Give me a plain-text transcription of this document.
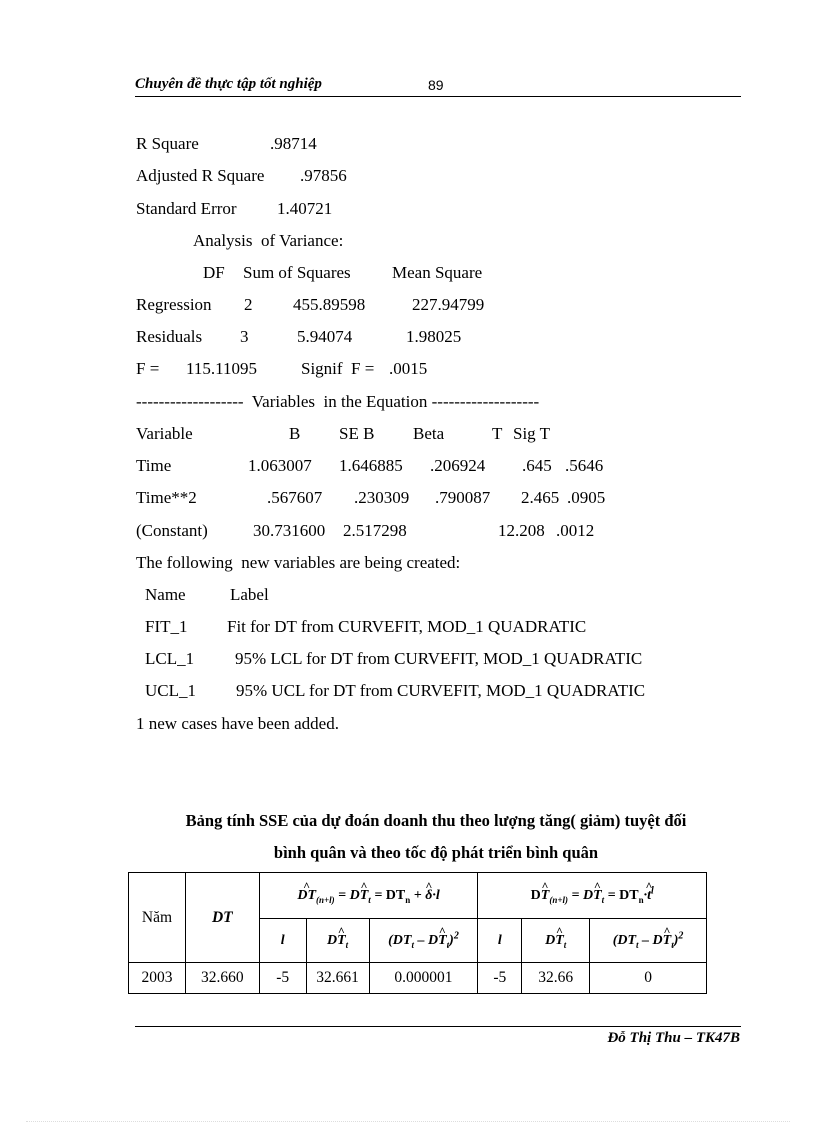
Chuyên đề thực tập tốt nghiệp	89
R Square	.98714
Adjusted R Square .97856
Standard Error 1.40721
Analysis  of Variance:
DF Sum of Squares Mean Square
Regression 2 455.89598	227.94799
Residuals 3	5.94074	1.98025
F = 115.11095	Signif  F = .0015
-------------------  Variables  in the Equation -------------------
Variable	B SE B Beta	T Sig T
Time	1.063007 1.646885 .206924 .645 .5646
Time**2	.567607 .230309 .790087 2.465 .0905
(Constant)	30.731600 2.517298	12.208 .0012
The following  new variables are being created:
Name	Label
FIT_1 Fit for DT from CURVEFIT, MOD_1 QUADRATIC
LCL_1 95% LCL for DT from CURVEFIT, MOD_1 QUADRATIC
UCL_1 95% UCL for DT from CURVEFIT, MOD_1 QUADRATIC
1 new cases have been added.
Bảng tính SSE của dự đoán doanh thu theo lượng tăng( giảm) tuyệt đối
bình quân và theo tốc độ phát triển bình quân
Năm	DT	^ $DT_{(n+l)}$ = D^ $T_t = DT_n$ + ^ δ·l			D^ $T_{(n+l)}$ = D^ $T_t$ = $DT_n\cdot\^{}$ $t^l$
		l	D^ $T_t$	($DT_t$ – D^ $T_t)^2$	l	D^ $T_t$	($DT_t$ – D^ $T_t)^2$
2003	32.660	-5	32.661	0.000001	-5	32.66	0
Đỗ Thị Thu – TK47B
